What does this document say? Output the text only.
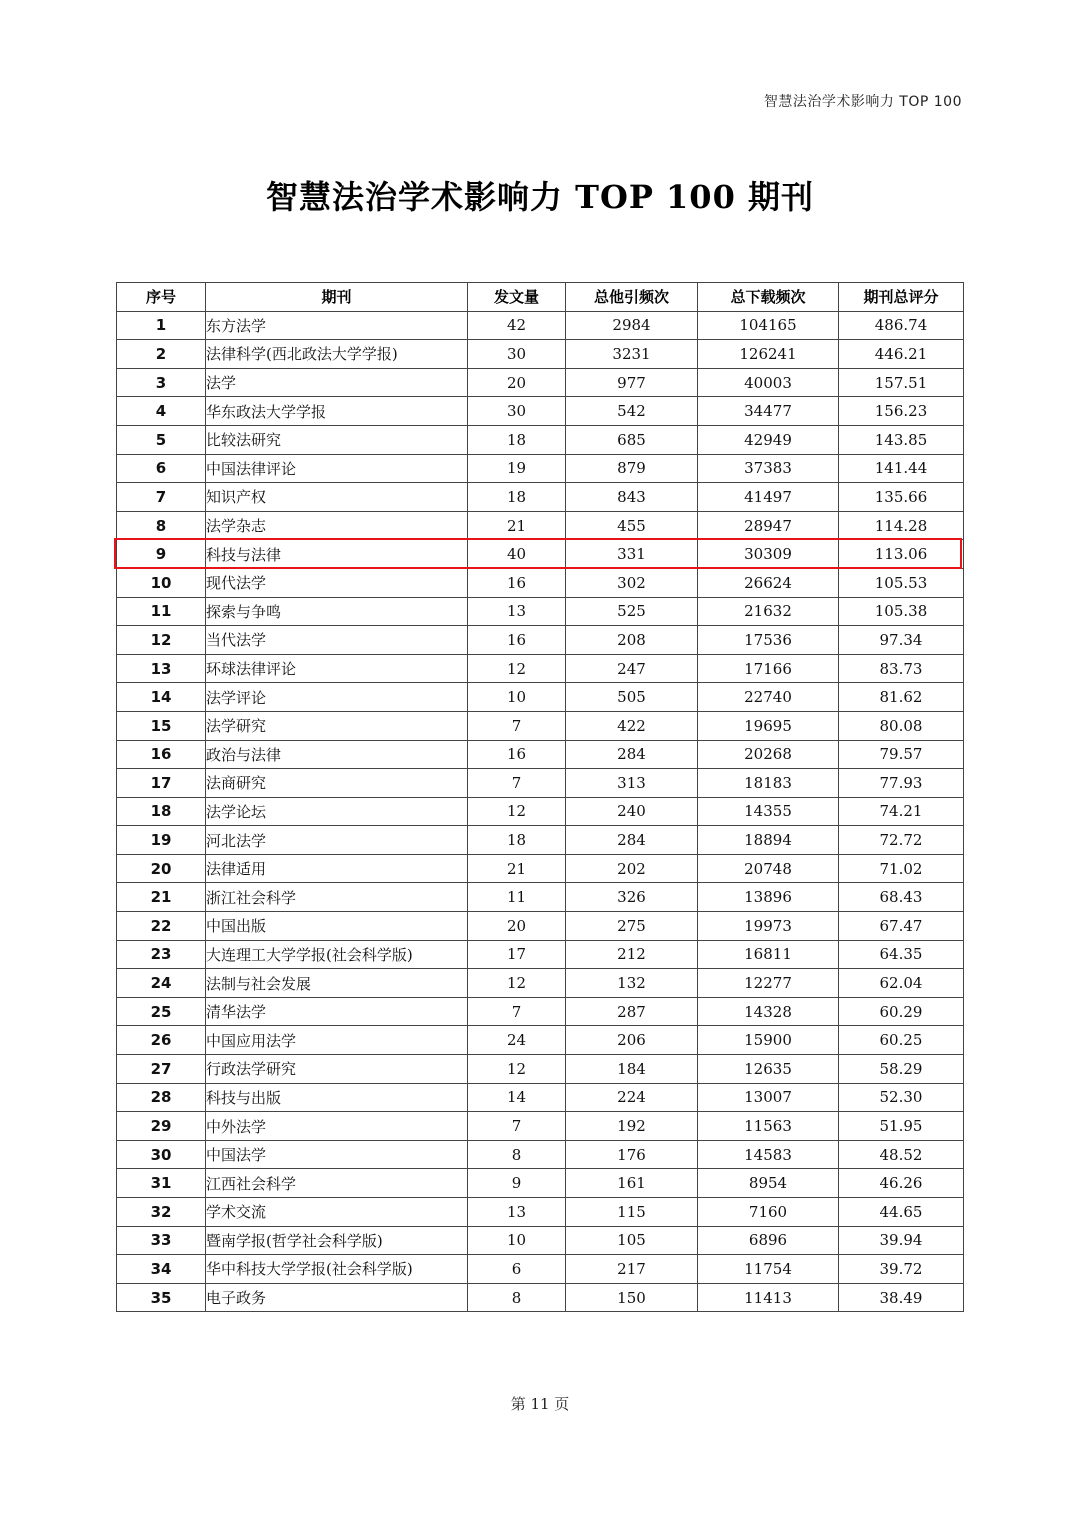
智慧法治学术影响力 TOP 100
智慧法治学术影响力 TOP 100 期刊
序号	期刊	发文量	总他引频次	总下载频次	期刊总评分
1	东方法学	42	2984	104165	486.74
2	法律科学(西北政法大学学报)	30	3231	126241	446.21
3	法学	20	977	40003	157.51
4	华东政法大学学报	30	542	34477	156.23
5	比较法研究	18	685	42949	143.85
6	中国法律评论	19	879	37383	141.44
7	知识产权	18	843	41497	135.66
8	法学杂志	21	455	28947	114.28
9	科技与法律	40	331	30309	113.06
10	现代法学	16	302	26624	105.53
11	探索与争鸣	13	525	21632	105.38
12	当代法学	16	208	17536	97.34
13	环球法律评论	12	247	17166	83.73
14	法学评论	10	505	22740	81.62
15	法学研究	7	422	19695	80.08
16	政治与法律	16	284	20268	79.57
17	法商研究	7	313	18183	77.93
18	法学论坛	12	240	14355	74.21
19	河北法学	18	284	18894	72.72
20	法律适用	21	202	20748	71.02
21	浙江社会科学	11	326	13896	68.43
22	中国出版	20	275	19973	67.47
23	大连理工大学学报(社会科学版)	17	212	16811	64.35
24	法制与社会发展	12	132	12277	62.04
25	清华法学	7	287	14328	60.29
26	中国应用法学	24	206	15900	60.25
27	行政法学研究	12	184	12635	58.29
28	科技与出版	14	224	13007	52.30
29	中外法学	7	192	11563	51.95
30	中国法学	8	176	14583	48.52
31	江西社会科学	9	161	8954	46.26
32	学术交流	13	115	7160	44.65
33	暨南学报(哲学社会科学版)	10	105	6896	39.94
34	华中科技大学学报(社会科学版)	6	217	11754	39.72
35	电子政务	8	150	11413	38.49
第 11 页
